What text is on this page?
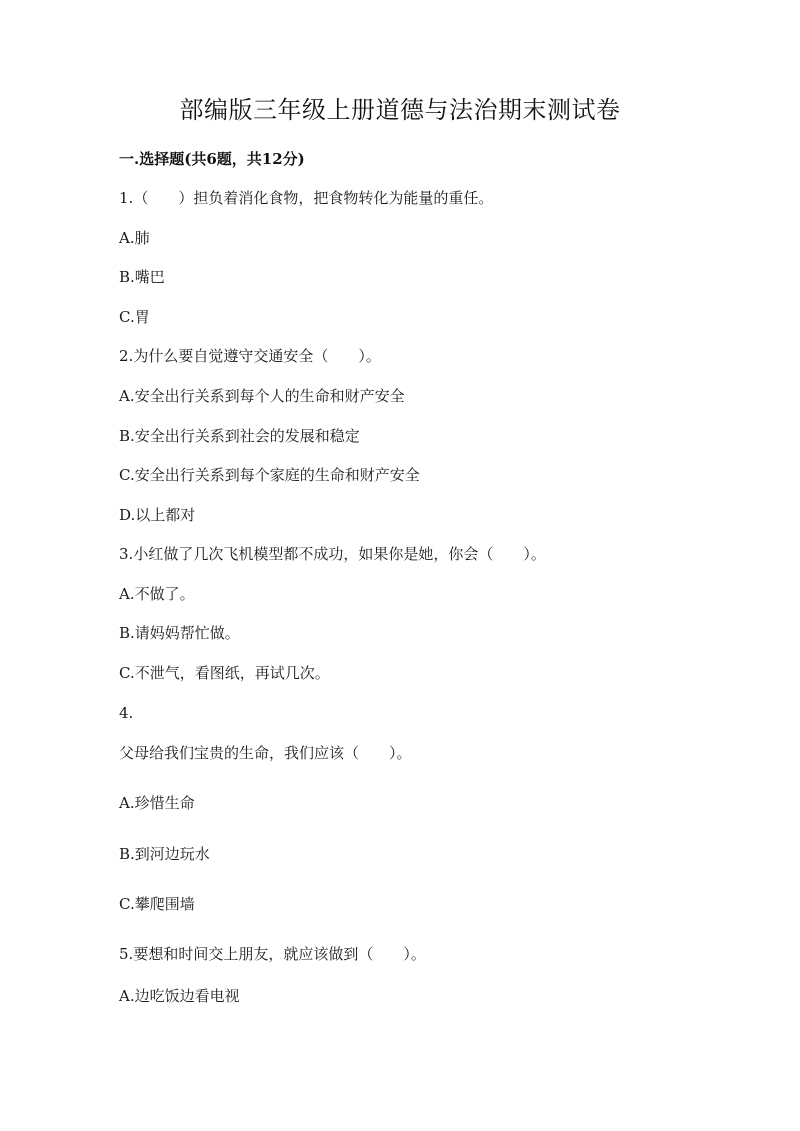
部编版三年级上册道德与法治期末测试卷
一.选择题(共6题，共12分)
1.（　　）担负着消化食物，把食物转化为能量的重任。
A.肺
B.嘴巴
C.胃
2.为什么要自觉遵守交通安全（　　）。
A.安全出行关系到每个人的生命和财产安全
B.安全出行关系到社会的发展和稳定
C.安全出行关系到每个家庭的生命和财产安全
D.以上都对
3.小红做了几次飞机模型都不成功，如果你是她，你会（　　）。
A.不做了。
B.请妈妈帮忙做。
C.不泄气，看图纸，再试几次。
4.
父母给我们宝贵的生命，我们应该（　　）。
A.珍惜生命
B.到河边玩水
C.攀爬围墙
5.要想和时间交上朋友，就应该做到（　　）。
A.边吃饭边看电视
